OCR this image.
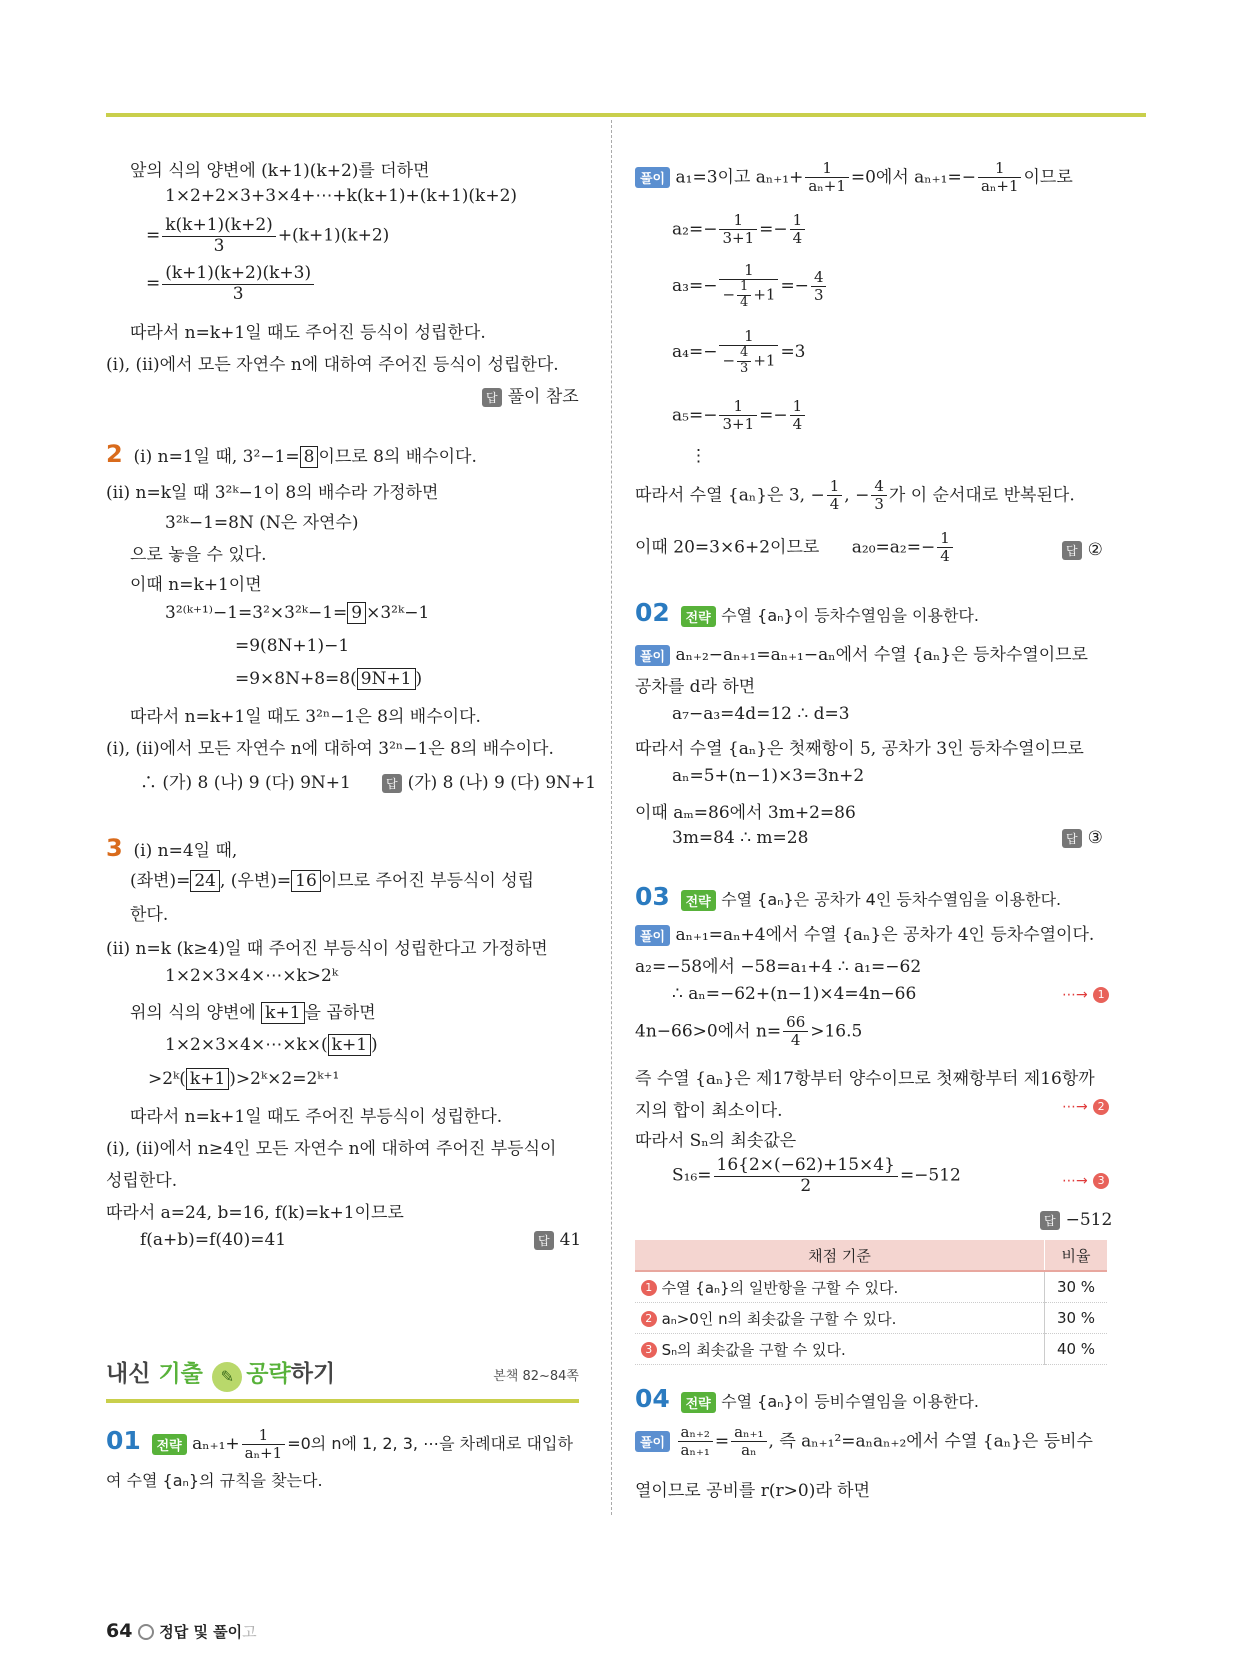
앞의 식의 양변에 (k+1)(k+2)를 더하면
1×2+2×3+3×4+⋯+k(k+1)+(k+1)(k+2)
= $\frac{k(k+1)(k+2)}{3} +(k+1)(k+2)$
= $\frac{(k+1)(k+2)(k+3)}{3}$
따라서 n=k+1일 때도 주어진 등식이 성립한다.
(i), (ii)에서 모든 자연수 n에 대하여 주어진 등식이 성립한다.
답 풀이 참조
2 (i) n=1일 때, 3²−1= 8 이므로 8의 배수이다.
(ii) n=k일 때 3²ᵏ−1이 8의 배수라 가정하면
3²ᵏ−1=8N (N은 자연수)
으로 놓을 수 있다.
이때 n=k+1이면
3²⁽ᵏ⁺¹⁾−1=3²×3²ᵏ−1= 9 ×3²ᵏ−1
=9(8N+1)−1
=9×8N+8=8( 9N+1 )
따라서 n=k+1일 때도 3²ⁿ−1은 8의 배수이다.
(i), (ii)에서 모든 자연수 n에 대하여 3²ⁿ−1은 8의 배수이다.
∴ (가) 8 (나) 9 (다) 9N+1	답 (가) 8 (나) 9 (다) 9N+1
3 (i) n=4일 때,
(좌변)= 24 , (우변)= 16 이므로 주어진 부등식이 성립
한다.
(ii) n=k (k≥4)일 때 주어진 부등식이 성립한다고 가정하면
1×2×3×4×⋯×k>2ᵏ
위의 식의 양변에 k+1 을 곱하면
1×2×3×4×⋯×k×( k+1 )
>2ᵏ( k+1 )>2ᵏ×2=2ᵏ⁺¹
따라서 n=k+1일 때도 주어진 부등식이 성립한다.
(i), (ii)에서 n≥4인 모든 자연수 n에 대하여 주어진 부등식이
성립한다.
따라서 a=24, b=16, f(k)=k+1이므로
f(a+b)=f(40)=41	답 41
내신 기출 ✎ 공략하기	본책 82~84쪽
01 전략 $a_{n+1}+ \frac{1}{\text{aₙ+1}} =0$의 n에 1, 2, 3, ⋯을 차례대로 대입하
여 수열 {aₙ}의 규칙을 찾는다.
풀이 a₁=3이고 $a_{n+1}+ \frac{1}{\text{aₙ+1}} =0$에서 $a_{n+1}=- \frac{1}{\text{aₙ+1}}$ 이므로
$a_2=- \frac{1}{3+1} =- \frac{1}{4}$
$a_3=- \frac{1}{- \frac{1}{4} +1} =- \frac{4}{3}$
$a_4=- \frac{1}{- \frac{4}{3} +1} =3$
$a_5=- \frac{1}{3+1} =- \frac{1}{4}$
⋮
따라서 수열 {aₙ}은 3, − $\frac{1}{4}$ , − $\frac{4}{3}$ 가 이 순서대로 반복된다.
이때 20=3×6+2이므로 $a_{20}=a_2=- \frac{1}{4}$	답 ②
02 전략 수열 {aₙ}이 등차수열임을 이용한다.
풀이 aₙ₊₂−aₙ₊₁=aₙ₊₁−aₙ에서 수열 {aₙ}은 등차수열이므로
공차를 d라 하면
a₇−a₃=4d=12 ∴ d=3
따라서 수열 {aₙ}은 첫째항이 5, 공차가 3인 등차수열이므로
aₙ=5+(n−1)×3=3n+2
이때 aₘ=86에서 3m+2=86
3m=84 ∴ m=28	답 ③
03 전략 수열 {aₙ}은 공차가 4인 등차수열임을 이용한다.
풀이 aₙ₊₁=aₙ+4에서 수열 {aₙ}은 공차가 4인 등차수열이다.
a₂=−58에서 −58=a₁+4 ∴ a₁=−62
∴ aₙ=−62+(n−1)×4=4n−66	⋯→ 1
4n−66>0에서 $n= \frac{66}{4} >16.5$
즉 수열 {aₙ}은 제17항부터 양수이므로 첫째항부터 제16항까
지의 합이 최소이다.	⋯→ 2
따라서 Sₙ의 최솟값은
$S_{16}= \frac{16\{2\times(-62)+15\times 4\}}{2} =-512$	⋯→ 3
답 −512
채점 기준	비율
1 수열 {aₙ}의 일반항을 구할 수 있다.	30 %
2 aₙ>0인 n의 최솟값을 구할 수 있다.	30 %
3 Sₙ의 최솟값을 구할 수 있다.	40 %
04 전략 수열 {aₙ}이 등비수열임을 이용한다.
풀이 $\frac{\text{aₙ₊₂}}{\text{aₙ₊₁}} = \frac{\text{aₙ₊₁}}{\text{aₙ}}$ , 즉 aₙ₊₁²=aₙaₙ₊₂에서 수열 {aₙ}은 등비수
열이므로 공비를 r(r>0)라 하면
64 정답 및 풀이고
